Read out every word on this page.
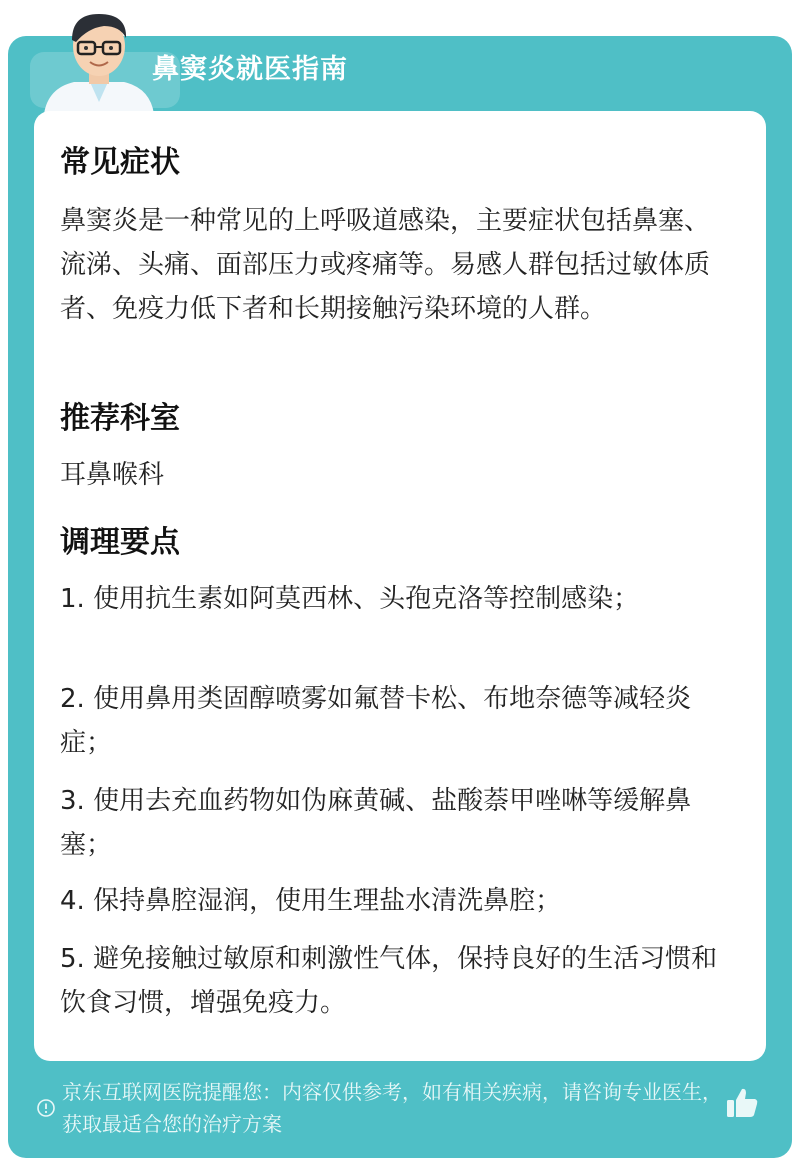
鼻窦炎就医指南
常见症状
鼻窦炎是一种常见的上呼吸道感染，主要症状包括鼻塞、流涕、头痛、面部压力或疼痛等。易感人群包括过敏体质者、免疫力低下者和长期接触污染环境的人群。
推荐科室
耳鼻喉科
调理要点
1. 使用抗生素如阿莫西林、头孢克洛等控制感染；
2. 使用鼻用类固醇喷雾如氟替卡松、布地奈德等减轻炎症；
3. 使用去充血药物如伪麻黄碱、盐酸萘甲唑啉等缓解鼻塞；
4. 保持鼻腔湿润，使用生理盐水清洗鼻腔；
5. 避免接触过敏原和刺激性气体，保持良好的生活习惯和饮食习惯，增强免疫力。
京东互联网医院提醒您：内容仅供参考，如有相关疾病，请咨询专业医生，获取最适合您的治疗方案
